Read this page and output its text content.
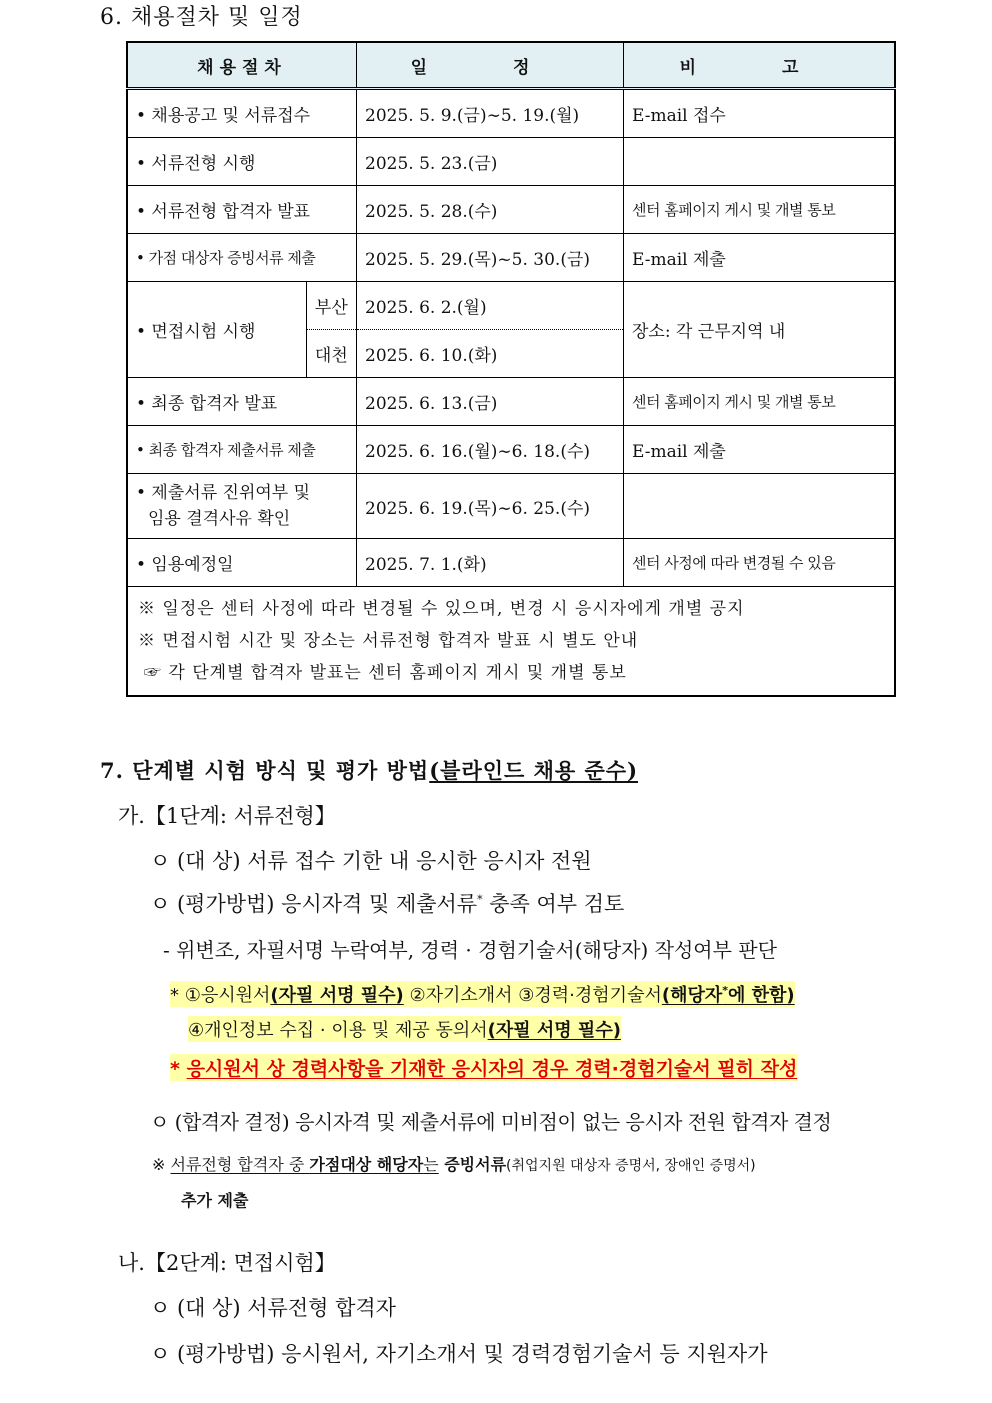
6. 채용절차 및 일정
채용절차		일 정	비 고
• 채용공고 및 서류접수		2025. 5. 9.(금)∼5. 19.(월)	E-mail 접수
• 서류전형 시행		2025. 5. 23.(금)	
• 서류전형 합격자 발표		2025. 5. 28.(수)	센터 홈페이지 게시 및 개별 통보
• 가점 대상자 증빙서류 제출		2025. 5. 29.(목)~5. 30.(금)	E-mail 제출
• 면접시험 시행	부산	2025. 6. 2.(월)	장소: 각 근무지역 내
	대천	2025. 6. 10.(화)	
• 최종 합격자 발표		2025. 6. 13.(금)	센터 홈페이지 게시 및 개별 통보
• 최종 합격자 제출서류 제출		2025. 6. 16.(월)∼6. 18.(수)	E-mail 제출

• 제출서류 진위여부 및
임용 결격사유 확인		2025. 6. 19.(목)∼6. 25.(수)	
• 임용예정일		2025. 7. 1.(화)	센터 사정에 따라 변경될 수 있음

※ 일정은 센터 사정에 따라 변경될 수 있으며, 변경 시 응시자에게 개별 공지
※ 면접시험 시간 및 장소는 서류전형 합격자 발표 시 별도 안내
☞ 각 단계별 합격자 발표는 센터 홈페이지 게시 및 개별 통보			
7. 단계별 시험 방식 및 평가 방법(블라인드 채용 준수)
가.【1단계: 서류전형】
ㅇ (대 상) 서류 접수 기한 내 응시한 응시자 전원
ㅇ (평가방법) 응시자격 및 제출서류* 충족 여부 검토
- 위변조, 자필서명 누락여부, 경력 · 경험기술서(해당자) 작성여부 판단
* ①응시원서(자필 서명 필수) ②자기소개서 ③경력·경험기술서(해당자*에 한함)
④개인정보 수집 · 이용 및 제공 동의서(자필 서명 필수)
* 응시원서 상 경력사항을 기재한 응시자의 경우 경력·경험기술서 필히 작성
ㅇ (합격자 결정) 응시자격 및 제출서류에 미비점이 없는 응시자 전원 합격자 결정
※ 서류전형 합격자 중 가점대상 해당자는 증빙서류(취업지원 대상자 증명서, 장애인 증명서)
추가 제출
나.【2단계: 면접시험】
ㅇ (대 상) 서류전형 합격자
ㅇ (평가방법) 응시원서, 자기소개서 및 경력경험기술서 등 지원자가
